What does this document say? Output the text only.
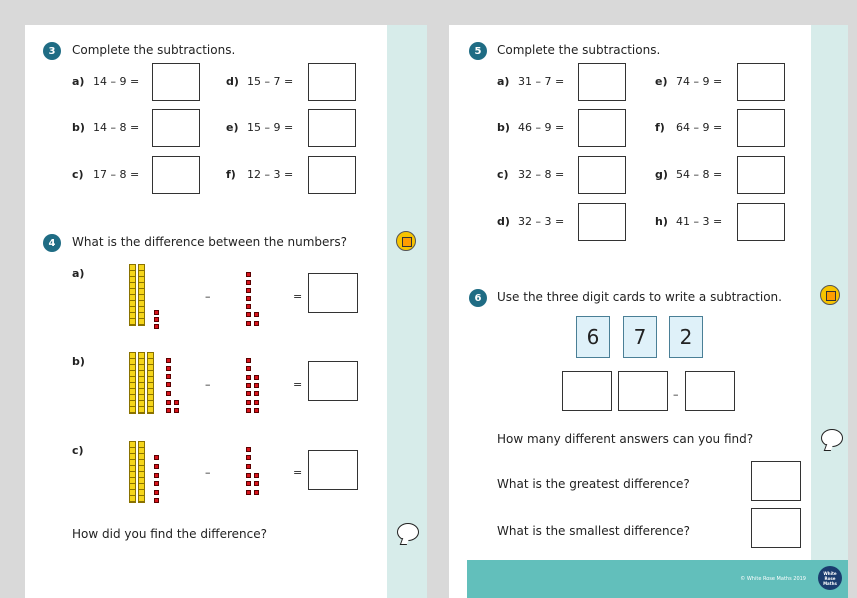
3 Complete the subtractions.
a) 14 – 9 =
b) 14 – 8 =
c) 17 – 8 =
d) 15 – 7 =
e) 15 – 9 =
f) 12 – 3 =
4 What is the difference between the numbers?
a)
–	=
b)
–	=
c)
–	=
How did you find the difference?
5 Complete the subtractions.
a) 31 – 7 =
b) 46 – 9 =
c) 32 – 8 =
d) 32 – 3 =
e) 74 – 9 =
f) 64 – 9 =
g) 54 – 8 =
h) 41 – 3 =
6 Use the three digit cards to write a subtraction.
6	7	2
–
How many different answers can you find?
What is the greatest difference?
What is the smallest difference?
© White Rose Maths 2019
White Rose Maths
